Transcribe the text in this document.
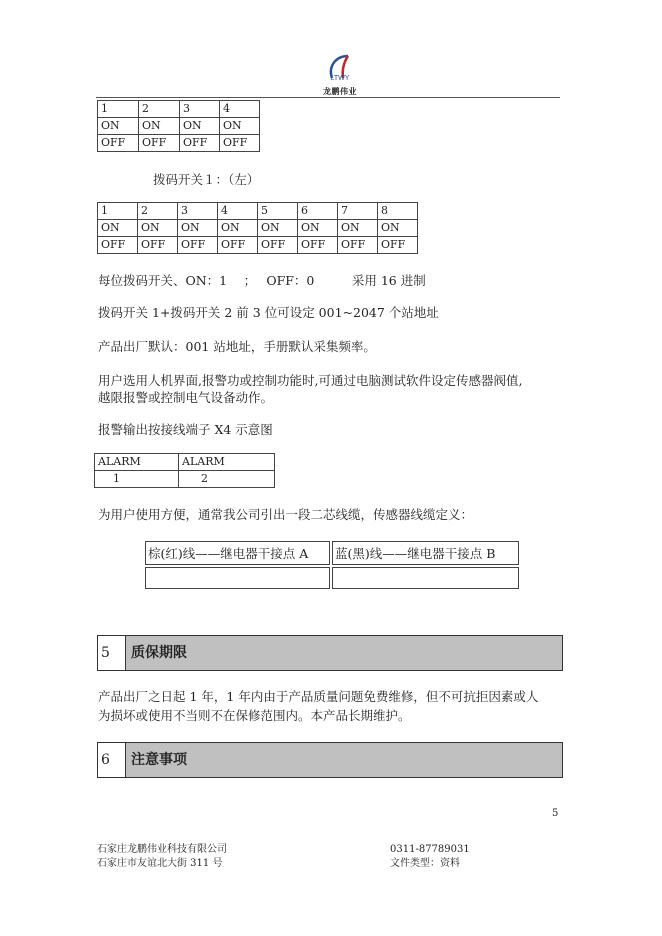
LTWY
龙鹏伟业
1	2	3	4
ON	ON	ON	ON
OFF	OFF	OFF	OFF
拨码开关１：（左）
1	2	3	4	5	6	7	8
ON	ON	ON	ON	ON	ON	ON	ON
OFF	OFF	OFF	OFF	OFF	OFF	OFF	OFF
每位拨码开关、ON：1 　；　 OFF：0　　　采用 16 进制
拨码开关 1+拨码开关 2 前 3 位可设定 001~2047 个站地址
产品出厂默认：001 站地址，手册默认采集频率。
用户选用人机界面,报警功或控制功能时,可通过电脑测试软件设定传感器阀值,
越限报警或控制电气设备动作。
报警输出按接线端子 X4 示意图
ALARM	ALARM
1	2
为用户使用方便，通常我公司引出一段二芯线缆，传感器线缆定义：
棕(红)线——继电器干接点 A	蓝(黑)线——继电器干接点 B

5	质保期限
产品出厂之日起 1 年，1 年内由于产品质量问题免费维修，但不可抗拒因素或人
为损坏或使用不当则不在保修范围内。本产品长期维护。
6	注意事项
5
石家庄龙鹏伟业科技有限公司
石家庄市友谊北大街 311 号
0311-87789031
文件类型：资料
